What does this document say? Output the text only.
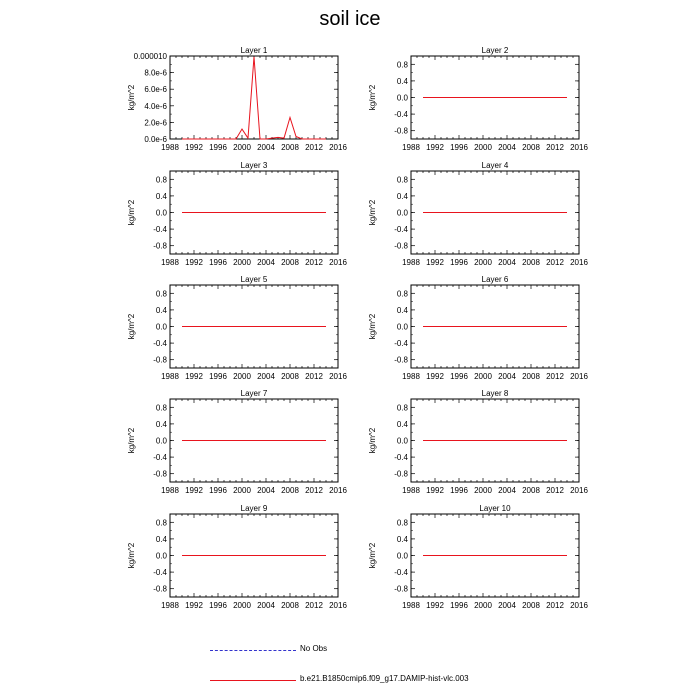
soil ice
Layer 1
1988 1992 1996 2000 2004 2008 2012 2016
0.0e-6
2.0e-6
4.0e-6
6.0e-6
8.0e-6
0.000010
kg/m^2
Layer 2
1988 1992 1996 2000 2004 2008 2012 2016
-0.8
-0.4
0.0
0.4
0.8
kg/m^2
Layer 3
1988 1992 1996 2000 2004 2008 2012 2016
-0.8
-0.4
0.0
0.4
0.8
kg/m^2
Layer 4
1988 1992 1996 2000 2004 2008 2012 2016
-0.8
-0.4
0.0
0.4
0.8
kg/m^2
Layer 5
1988 1992 1996 2000 2004 2008 2012 2016
-0.8
-0.4
0.0
0.4
0.8
kg/m^2
Layer 6
1988 1992 1996 2000 2004 2008 2012 2016
-0.8
-0.4
0.0
0.4
0.8
kg/m^2
Layer 7
1988 1992 1996 2000 2004 2008 2012 2016
-0.8
-0.4
0.0
0.4
0.8
kg/m^2
Layer 8
1988 1992 1996 2000 2004 2008 2012 2016
-0.8
-0.4
0.0
0.4
0.8
kg/m^2
Layer 9
1988 1992 1996 2000 2004 2008 2012 2016
-0.8
-0.4
0.0
0.4
0.8
kg/m^2
Layer 10
1988 1992 1996 2000 2004 2008 2012 2016
-0.8
-0.4
0.0
0.4
0.8
kg/m^2
No Obs
b.e21.B1850cmip6.f09_g17.DAMIP-hist-vlc.003
